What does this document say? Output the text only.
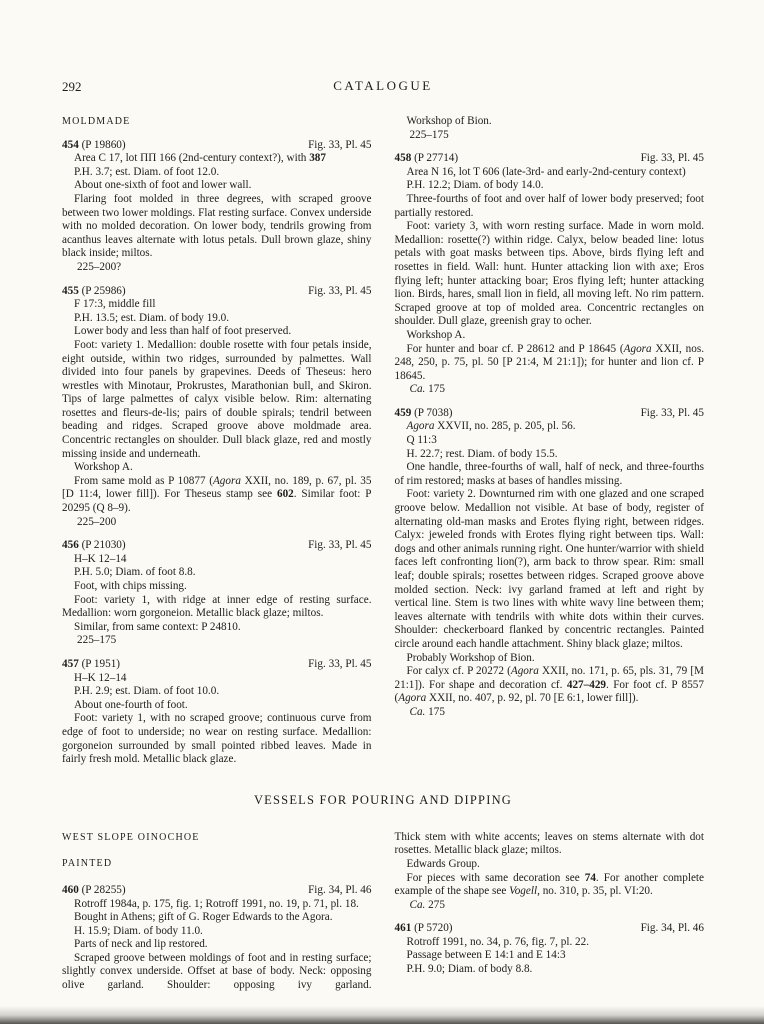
292	CATALOGUE
MOLDMADE
454 (P 19860)	Fig. 33, Pl. 45

Area C 17, lot ΠΠ 166 (2nd-century context?), with 387

P.H. 3.7; est. Diam. of foot 12.0.

About one-sixth of foot and lower wall.

Flaring foot molded in three degrees, with scraped groove between two lower moldings. Flat resting surface. Convex underside with no molded decoration. On lower body, tendrils growing from acanthus leaves alternate with lotus petals. Dull brown glaze, shiny black inside; miltos.

225–200?

455 (P 25986)	Fig. 33, Pl. 45

F 17:3, middle fill

P.H. 13.5; est. Diam. of body 19.0.

Lower body and less than half of foot preserved.

Foot: variety 1. Medallion: double rosette with four petals inside, eight outside, within two ridges, surrounded by palmettes. Wall divided into four panels by grapevines. Deeds of Theseus: hero wrestles with Minotaur, Prokrustes, Marathonian bull, and Skiron. Tips of large palmettes of calyx visible below. Rim: alternating rosettes and fleurs-de-lis; pairs of double spirals; tendril between beading and ridges. Scraped groove above moldmade area. Concentric rectangles on shoulder. Dull black glaze, red and mostly missing inside and underneath.

Workshop A.

From same mold as P 10877 (Agora XXII, no. 189, p. 67, pl. 35 [D 11:4, lower fill]). For Theseus stamp see 602. Similar foot: P 20295 (Q 8–9).

225–200

456 (P 21030)	Fig. 33, Pl. 45

H–K 12–14

P.H. 5.0; Diam. of foot 8.8.

Foot, with chips missing.

Foot: variety 1, with ridge at inner edge of resting surface. Medallion: worn gorgoneion. Metallic black glaze; miltos.

Similar, from same context: P 24810.

225–175

457 (P 1951)	Fig. 33, Pl. 45

H–K 12–14

P.H. 2.9; est. Diam. of foot 10.0.

About one-fourth of foot.

Foot: variety 1, with no scraped groove; continuous curve from edge of foot to underside; no wear on resting surface. Medallion: gorgoneion surrounded by small pointed ribbed leaves. Made in fairly fresh mold. Metallic black glaze.

Workshop of Bion.

225–175

458 (P 27714)	Fig. 33, Pl. 45

Area N 16, lot T 606 (late-3rd- and early-2nd-century context)

P.H. 12.2; Diam. of body 14.0.

Three-fourths of foot and over half of lower body preserved; foot partially restored.

Foot: variety 3, with worn resting surface. Made in worn mold. Medallion: rosette(?) within ridge. Calyx, below beaded line: lotus petals with goat masks between tips. Above, birds flying left and rosettes in field. Wall: hunt. Hunter attacking lion with axe; Eros flying left; hunter attacking boar; Eros flying left; hunter attacking lion. Birds, hares, small lion in field, all moving left. No rim pattern. Scraped groove at top of molded area. Concentric rectangles on shoulder. Dull glaze, greenish gray to ocher.

Workshop A.

For hunter and boar cf. P 28612 and P 18645 (Agora XXII, nos. 248, 250, p. 75, pl. 50 [P 21:4, M 21:1]); for hunter and lion cf. P 18645.

Ca. 175

459 (P 7038)	Fig. 33, Pl. 45

Agora XXVII, no. 285, p. 205, pl. 56.

Q 11:3

H. 22.7; rest. Diam. of body 15.5.

One handle, three-fourths of wall, half of neck, and three-fourths of rim restored; masks at bases of handles missing.

Foot: variety 2. Downturned rim with one glazed and one scraped groove below. Medallion not visible. At base of body, register of alternating old-man masks and Erotes flying right, between ridges. Calyx: jeweled fronds with Erotes flying right between tips. Wall: dogs and other animals running right. One hunter/warrior with shield faces left confronting lion(?), arm back to throw spear. Rim: small leaf; double spirals; rosettes between ridges. Scraped groove above molded section. Neck: ivy garland framed at left and right by vertical line. Stem is two lines with white wavy line between them; leaves alternate with tendrils with white dots within their curves. Shoulder: checkerboard flanked by concentric rectangles. Painted circle around each handle attachment. Shiny black glaze; miltos.

Probably Workshop of Bion.

For calyx cf. P 20272 (Agora XXII, no. 171, p. 65, pls. 31, 79 [M 21:1]). For shape and decoration cf. 427–429. For foot cf. P 8557 (Agora XXII, no. 407, p. 92, pl. 70 [E 6:1, lower fill]).

Ca. 175

VESSELS FOR POURING AND DIPPING
WEST SLOPE OINOCHOE
PAINTED
460 (P 28255)	Fig. 34, Pl. 46

Rotroff 1984a, p. 175, fig. 1; Rotroff 1991, no. 19, p. 71, pl. 18.

Bought in Athens; gift of G. Roger Edwards to the Agora.

H. 15.9; Diam. of body 11.0.

Parts of neck and lip restored.

Scraped groove between moldings of foot and in resting surface; slightly convex underside. Offset at base of body. Neck: opposing olive garland. Shoulder: opposing ivy garland.

Thick stem with white accents; leaves on stems alternate with dot rosettes. Metallic black glaze; miltos.

Edwards Group.

For pieces with same decoration see 74. For another complete example of the shape see Vogell, no. 310, p. 35, pl. VI:20.

Ca. 275

461 (P 5720)	Fig. 34, Pl. 46

Rotroff 1991, no. 34, p. 76, fig. 7, pl. 22.

Passage between E 14:1 and E 14:3

P.H. 9.0; Diam. of body 8.8.
